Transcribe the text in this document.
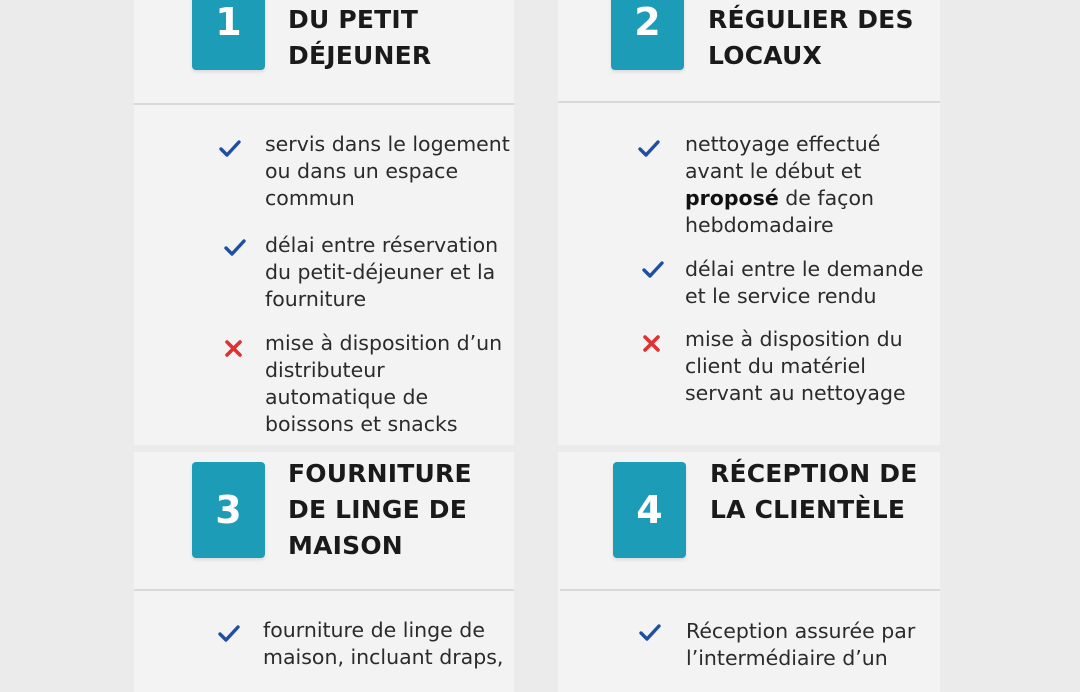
1 DU PETIT
DÉJEUNER
servis dans le logement
ou dans un espace
commun
délai entre réservation
du petit-déjeuner et la
fourniture
mise à disposition d’un
distributeur
automatique de
boissons et snacks
2 RÉGULIER DES
LOCAUX
nettoyage effectué
avant le début et
proposé de façon
hebdomadaire
délai entre le demande
et le service rendu
mise à disposition du
client du matériel
servant au nettoyage
3
FOURNITURE
DE LINGE DE
MAISON
fourniture de linge de
maison, incluant draps,
4
RÉCEPTION DE
LA CLIENTÈLE
Réception assurée par
l’intermédiaire d’un
